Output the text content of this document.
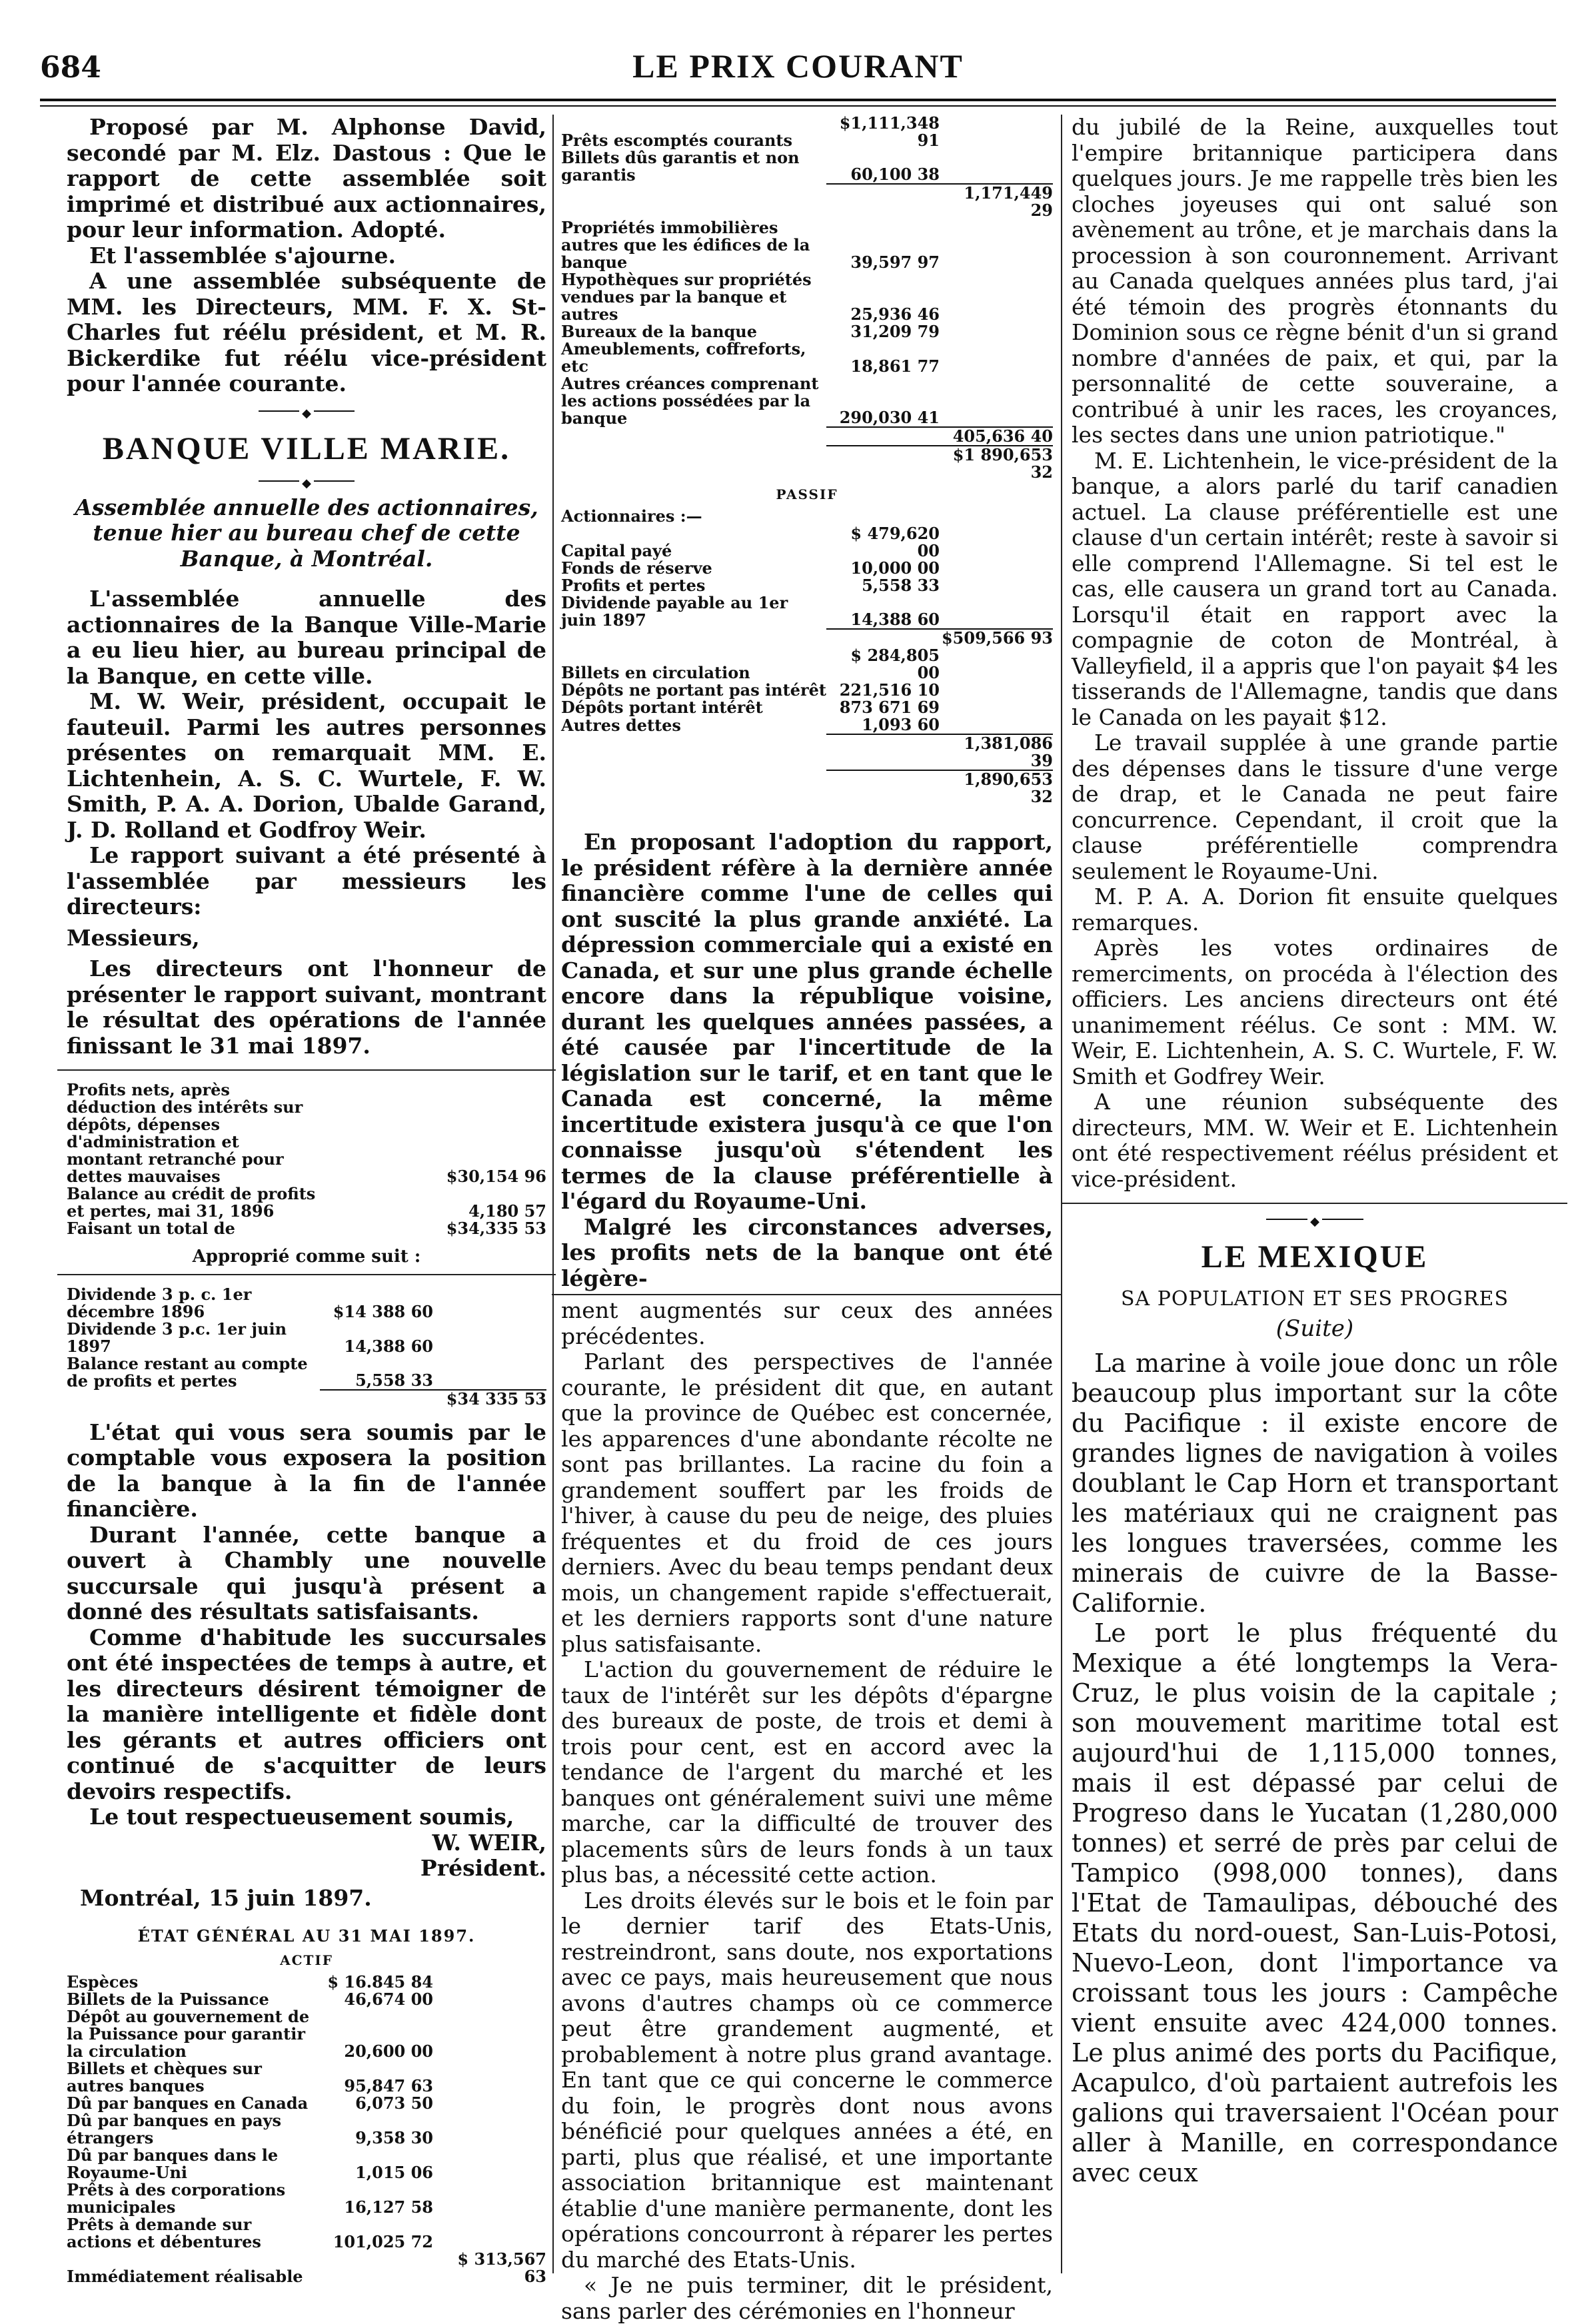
684	LE PRIX COURANT

Proposé par M. Alphonse David, secondé par M. Elz. Dastous : Que le rapport de cette assemblée soit imprimé et distribué aux actionnaires, pour leur information. Adopté.

Et l'assemblée s'ajourne.

A une assemblée subséquente de MM. les Directeurs, MM. F. X. St-Charles fut réélu président, et M. R. Bickerdike fut réélu vice-président pour l'année courante.

◆
BANQUE VILLE MARIE.
◆

Assemblée annuelle des actionnaires, tenue hier au bureau chef de cette Banque, à Montréal.

L'assemblée annuelle des actionnaires de la Banque Ville-Marie a eu lieu hier, au bureau principal de la Banque, en cette ville.

M. W. Weir, président, occupait le fauteuil. Parmi les autres personnes présentes on remarquait MM. E. Lichtenhein, A. S. C. Wurtele, F. W. Smith, P. A. A. Dorion, Ubalde Garand, J. D. Rolland et Godfroy Weir.

Le rapport suivant a été présenté à l'assemblée par messieurs les directeurs:

Messieurs,

Les directeurs ont l'honneur de présenter le rapport suivant, montrant le résultat des opérations de l'année finissant le 31 mai 1897.

Profits nets, après déduction des intérêts sur dépôts, dépenses d'administration et montant retranché pour dettes mauvaises		$30,154 96
Balance au crédit de profits et pertes, mai 31, 1896		4,180 57
Faisant un total de		$34,335 53

Approprié comme suit :

Dividende 3 p. c. 1er décembre 1896	$14 388 60	
Dividende 3 p.c. 1er juin 1897	14,388 60	
Balance restant au compte de profits et pertes	5,558 33	
		$34 335 53

L'état qui vous sera soumis par le comptable vous exposera la position de la banque à la fin de l'année financière.

Durant l'année, cette banque a ouvert à Chambly une nouvelle succursale qui jusqu'à présent a donné des résultats satisfaisants.

Comme d'habitude les succursales ont été inspectées de temps à autre, et les directeurs désirent témoigner de la manière intelligente et fidèle dont les gérants et autres officiers ont continué de s'acquitter de leurs devoirs respectifs.

Le tout respectueusement soumis,

W. WEIR,
Président.
Montréal, 15 juin 1897.
ÉTAT GÉNÉRAL AU 31 MAI 1897.
ACTIF
Espèces	$ 16.845 84	
Billets de la Puissance	46,674 00	
Dépôt au gouvernement de la Puissance pour garantir la circulation	20,600 00	
Billets et chèques sur autres banques	95,847 63	
Dû par banques en Canada	6,073 50	
Dû par banques en pays étrangers	9,358 30	
Dû par banques dans le Royaume-Uni	1,015 06	
Prêts à des corporations municipales	16,127 58	
Prêts à demande sur actions et débentures	101,025 72	
Immédiatement réalisable		$ 313,567 63
Prêts escomptés courants	$1,111,348 91	
Billets dûs garantis et non garantis	60,100 38	
		1,171,449 29
Propriétés immobilières autres que les édifices de la banque	39,597 97	
Hypothèques sur propriétés vendues par la banque et autres	25,936 46	
Bureaux de la banque	31,209 79	
Ameublements, coffreforts, etc	18,861 77	
Autres créances comprenant les actions possédées par la banque	290,030 41	
		405,636 40
		$1 890,653 32
PASSIF
Actionnaires :—		
Capital payé	$ 479,620 00	
Fonds de réserve	10,000 00	
Profits et pertes	5,558 33	
Dividende payable au 1er juin 1897	14,388 60	
		$509,566 93
Billets en circulation	$ 284,805 00	
Dépôts ne portant pas intérêt	221,516 10	
Dépôts portant intérêt	873 671 69	
Autres dettes	1,093 60	
		1,381,086 39
		1,890,653 32

En proposant l'adoption du rapport, le président réfère à la dernière année financière comme l'une de celles qui ont suscité la plus grande anxiété. La dépression commerciale qui a existé en Canada, et sur une plus grande échelle encore dans la république voisine, durant les quelques années passées, a été causée par l'incertitude de la législation sur le tarif, et en tant que le Canada est concerné, la même incertitude existera jusqu'à ce que l'on connaisse jusqu'où s'étendent les termes de la clause préférentielle à l'égard du Royaume-Uni.

Malgré les circonstances adverses, les profits nets de la banque ont été légère-

ment augmentés sur ceux des années précédentes.

Parlant des perspectives de l'année courante, le président dit que, en autant que la province de Québec est concernée, les apparences d'une abondante récolte ne sont pas brillantes. La racine du foin a grandement souffert par les froids de l'hiver, à cause du peu de neige, des pluies fréquentes et du froid de ces jours derniers. Avec du beau temps pendant deux mois, un changement rapide s'effectuerait, et les derniers rapports sont d'une nature plus satisfaisante.

L'action du gouvernement de réduire le taux de l'intérêt sur les dépôts d'épargne des bureaux de poste, de trois et demi à trois pour cent, est en accord avec la tendance de l'argent du marché et les banques ont généralement suivi une même marche, car la difficulté de trouver des placements sûrs de leurs fonds à un taux plus bas, a nécessité cette action.

Les droits élevés sur le bois et le foin par le dernier tarif des Etats-Unis, restreindront, sans doute, nos exportations avec ce pays, mais heureusement que nous avons d'autres champs où ce commerce peut être grandement augmenté, et probablement à notre plus grand avantage. En tant que ce qui concerne le commerce du foin, le progrès dont nous avons bénéficié pour quelques années a été, en parti, plus que réalisé, et une importante association britannique est maintenant établie d'une manière permanente, dont les opérations concourront à réparer les pertes du marché des Etats-Unis.

« Je ne puis terminer, dit le président, sans parler des cérémonies en l'honneur

du jubilé de la Reine, auxquelles tout l'empire britannique participera dans quelques jours. Je me rappelle très bien les cloches joyeuses qui ont salué son avènement au trône, et je marchais dans la procession à son couronnement. Arrivant au Canada quelques années plus tard, j'ai été témoin des progrès étonnants du Dominion sous ce règne bénit d'un si grand nombre d'années de paix, et qui, par la personnalité de cette souveraine, a contribué à unir les races, les croyances, les sectes dans une union patriotique."

M. E. Lichtenhein, le vice-président de la banque, a alors parlé du tarif canadien actuel. La clause préférentielle est une clause d'un certain intérêt; reste à savoir si elle comprend l'Allemagne. Si tel est le cas, elle causera un grand tort au Canada. Lorsqu'il était en rapport avec la compagnie de coton de Montréal, à Valleyfield, il a appris que l'on payait $4 les tisserands de l'Allemagne, tandis que dans le Canada on les payait $12.

Le travail supplée à une grande partie des dépenses dans le tissure d'une verge de drap, et le Canada ne peut faire concurrence. Cependant, il croit que la clause préférentielle comprendra seulement le Royaume-Uni.

M. P. A. A. Dorion fit ensuite quelques remarques.

Après les votes ordinaires de remerciments, on procéda à l'élection des officiers. Les anciens directeurs ont été unanimement réélus. Ce sont : MM. W. Weir, E. Lichtenhein, A. S. C. Wurtele, F. W. Smith et Godfrey Weir.

A une réunion subséquente des directeurs, MM. W. Weir et E. Lichtenhein ont été respectivement réélus président et vice-président.

◆
LE MEXIQUE
SA POPULATION ET SES PROGRES

(Suite)

La marine à voile joue donc un rôle beaucoup plus important sur la côte du Pacifique : il existe encore de grandes lignes de navigation à voiles doublant le Cap Horn et transportant les matériaux qui ne craignent pas les longues traversées, comme les minerais de cuivre de la Basse-Californie.

Le port le plus fréquenté du Mexique a été longtemps la Vera-Cruz, le plus voisin de la capitale ; son mouvement maritime total est aujourd'hui de 1,115,000 tonnes, mais il est dépassé par celui de Progreso dans le Yucatan (1,280,000 tonnes) et serré de près par celui de Tampico (998,000 tonnes), dans l'Etat de Tamaulipas, débouché des Etats du nord-ouest, San-Luis-Potosi, Nuevo-Leon, dont l'importance va croissant tous les jours : Campêche vient ensuite avec 424,000 tonnes. Le plus animé des ports du Pacifique, Acapulco, d'où partaient autrefois les galions qui traversaient l'Océan pour aller à Manille, en correspondance avec ceux
